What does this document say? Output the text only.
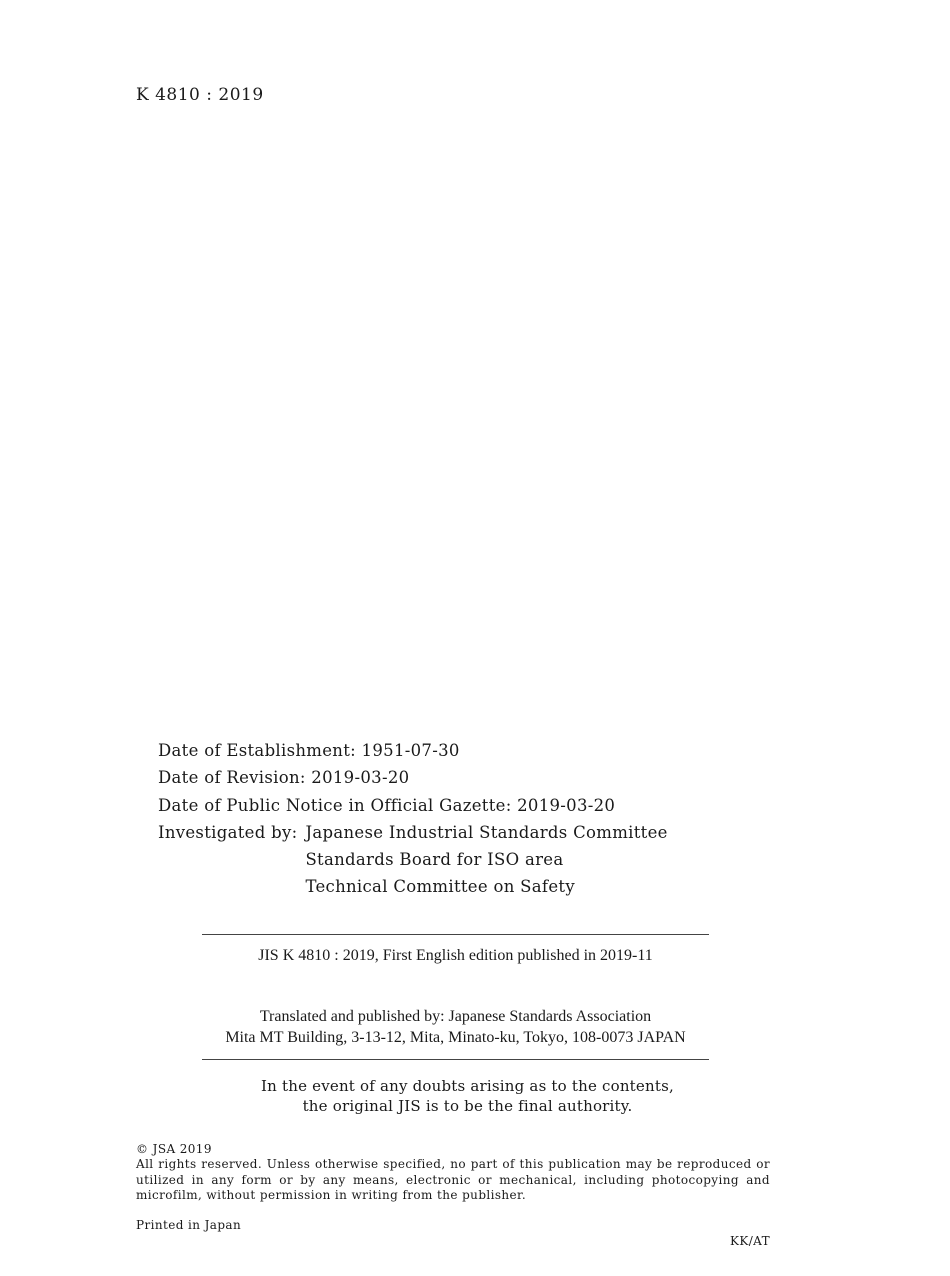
K 4810 : 2019
Date of Establishment: 1951-07-30
Date of Revision: 2019-03-20
Date of Public Notice in Official Gazette: 2019-03-20
Investigated by: Japanese Industrial Standards Committee
Standards Board for ISO area
Technical Committee on Safety
JIS K 4810 : 2019, First English edition published in 2019-11
Translated and published by: Japanese Standards Association
Mita MT Building, 3-13-12, Mita, Minato-ku, Tokyo, 108-0073 JAPAN
In the event of any doubts arising as to the contents,
the original JIS is to be the final authority.
© JSA 2019
All rights reserved. Unless otherwise specified, no part of this publication may be reproduced or utilized in any form or by any means, electronic or mechanical, including photocopying and microfilm, without permission in writing from the publisher.
Printed in Japan
KK/AT
